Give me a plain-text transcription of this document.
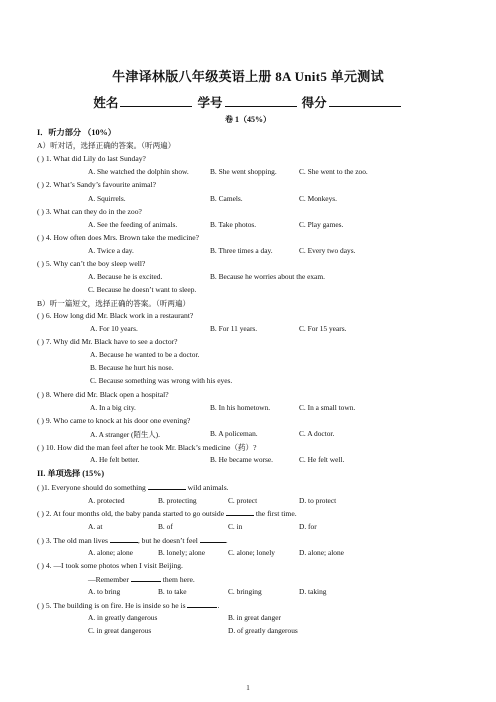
牛津译林版八年级英语上册 8A Unit5 单元测试
姓名	学号	得分
卷 1（45%）
I．听力部分 （10%）
A）听对话，选择正确的答案。（听两遍）
( ) 1. What did Lily do last Sunday?
A. She watched the dolphin show.	B. She went shopping.	C. She went to the zoo.
( ) 2. What’s Sandy’s favourite animal?
A. Squirrels.	B. Camels.	C. Monkeys.
( ) 3. What can they do in the zoo?
A. See the feeding of animals.	B. Take photos.	C. Play games.
( ) 4. How often does Mrs. Brown take the medicine?
A. Twice a day.	B. Three times a day.	C. Every two days.
( ) 5. Why can’t the boy sleep well?
A. Because he is excited.	B. Because he worries about the exam.
C. Because he doesn’t want to sleep.
B）听一篇短文，选择正确的答案。（听两遍）
( ) 6. How long did Mr. Black work in a restaurant?
A. For 10 years.	B. For 11 years.	C. For 15 years.
( ) 7. Why did Mr. Black have to see a doctor?
A. Because he wanted to be a doctor.
B. Because he hurt his nose.
C. Because something was wrong with his eyes.
( ) 8. Where did Mr. Black open a hospital?
A. In a big city.	B. In his hometown.	C. In a small town.
( ) 9. Who came to knock at his door one evening?
A. A stranger (陌生人).	B. A policeman.	C. A doctor.
( ) 10. How did the man feel after he took Mr. Black’s medicine（药）?
A. He felt better.	B. He became worse.	C. He felt well.
II. 单项选择 (15%)
( )1. Everyone should do something	wild animals.
A. protected	B. protecting	C. protect	D. to protect
( ) 2. At four months old, the baby panda started to go outside	the first time.
A. at	B. of	C. in	D. for
( ) 3. The old man lives	, but he doesn’t feel	.
A. alone; alone	B. lonely; alone	C. alone; lonely	D. alone; alone
( ) 4. —I took some photos when I visit Beijing.
—Remember	them here.
A. to bring	B. to take	C. bringing	D. taking
( ) 5. The building is on fire. He is inside so he is	.
A. in greatly dangerous	B. in great danger
C. in great dangerous	D. of greatly dangerous
1
